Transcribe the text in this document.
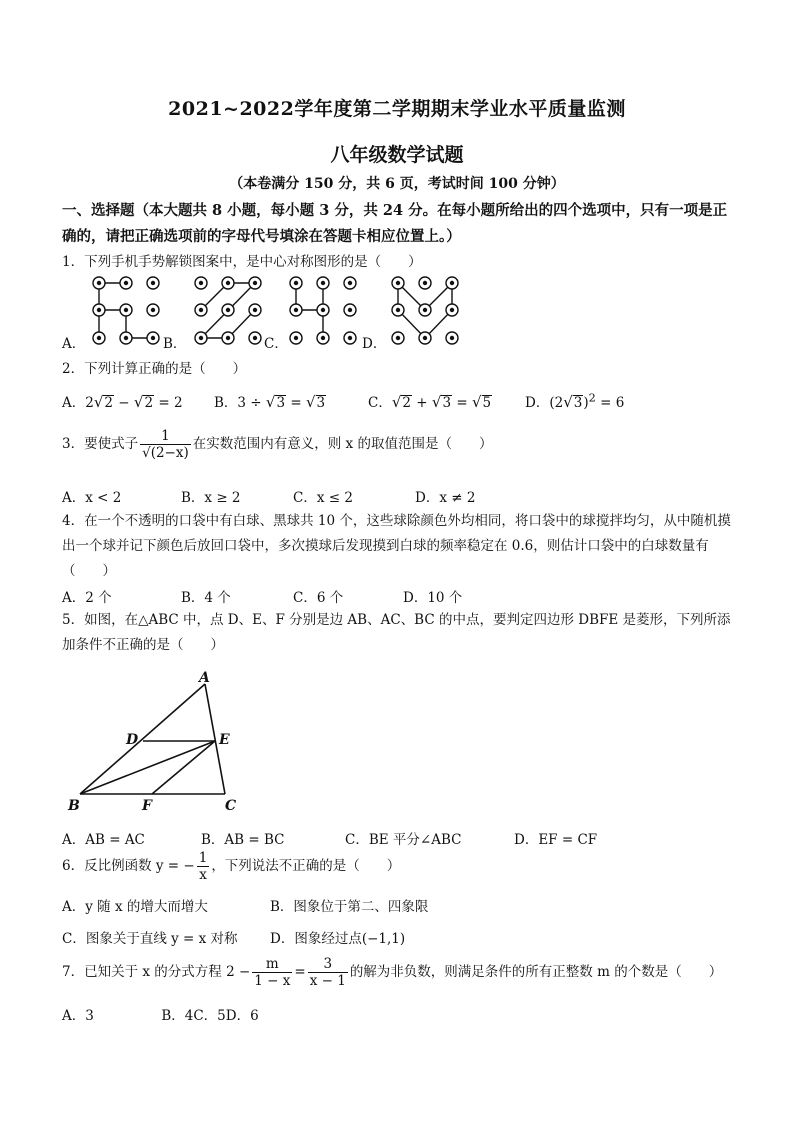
2021~2022学年度第二学期期末学业水平质量监测
八年级数学试题
（本卷满分 150 分，共 6 页，考试时间 100 分钟）
一、选择题（本大题共 8 小题，每小题 3 分，共 24 分。在每小题所给出的四个选项中，只有一项是正确的，请把正确选项前的字母代号填涂在答题卡相应位置上。）
1．下列手机手势解锁图案中，是中心对称图形的是（　　）
A．	B．	C．	D．
2．下列计算正确的是（　　）
A．2√2 − √2 = 2 B．3 ÷ √3 = √3	C．√2 + √3 = √5	D．$(2√3)^2 = 6$
3．要使式子 $\frac{1}{√(2-x)}$ 在实数范围内有意义，则 x 的取值范围是（　　）
A．x < 2	B．x ≥ 2	C．x ≤ 2	D．x ≠ 2
4．在一个不透明的口袋中有白球、黑球共 10 个，这些球除颜色外均相同，将口袋中的球搅拌均匀，从中随机摸出一个球并记下颜色后放回口袋中，多次摸球后发现摸到白球的频率稳定在 0.6，则估计口袋中的白球数量有（　　）
A．2 个	B．4 个	C．6 个	D．10 个
5．如图，在△ABC 中，点 D、E、F 分别是边 AB、AC、BC 的中点，要判定四边形 DBFE 是菱形，下列所添加条件不正确的是（　　）
A
D	E
B	F	C
A．AB = AC	B．AB = BC	C．BE 平分∠ABC	D．EF = CF
6．反比例函数 y = − $\frac{1}{x}$ ，下列说法不正确的是（　　）
A．y 随 x 的增大而增大	B．图象位于第二、四象限
C．图象关于直线 y = x 对称 D．图象经过点(−1,1)
7．已知关于 x 的分式方程 $2 - \frac{m}{1 - x} = \frac{3}{x - 1}$ 的解为非负数，则满足条件的所有正整数 m 的个数是（　　）
A．3　　　　　B．4C．5D．6
